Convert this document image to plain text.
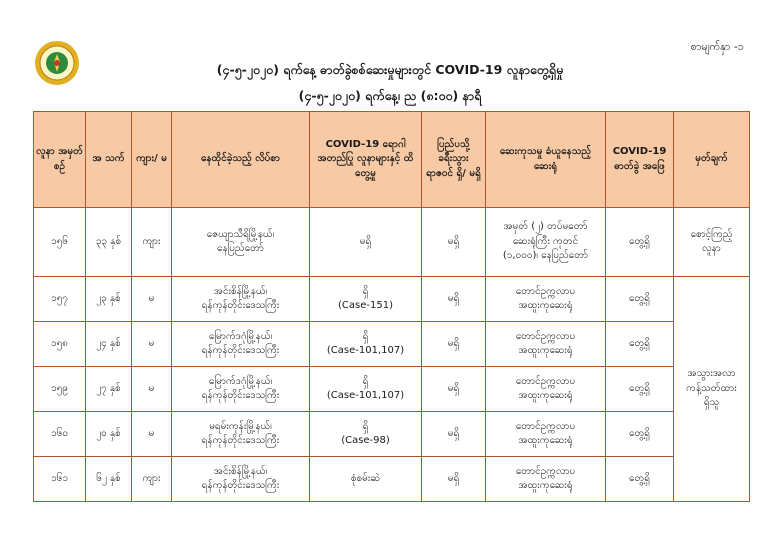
စာမျက်နှာ -၁
(၄-၅-၂၀၂၀) ရက်နေ့ ဓာတ်ခွဲစစ်ဆေးမှုများတွင် COVID-19 လူနာတွေ့ရှိမှု
(၄-၅-၂၀၂၀) ရက်နေ့၊ ည (၈:၀၀) နာရီ
လူနာ အမှတ် စဉ်	အ သက်	ကျား/ မ	နေထိုင်ခဲ့သည့် လိပ်စာ	COVID-19 ရောဂါ အတည်ပြု လူနာများနှင့် ထိတွေ့မှု	ပြည်ပသို့ ခရီးသွား ရာဇဝင် ရှိ/ မရှိ	ဆေးကုသမှု ခံယူနေသည့် ဆေးရုံ	COVID-19 ဓာတ်ခွဲ အဖြေ	မှတ်ချက်
၁၅၆	၃၃ နှစ်	ကျား	ဇေယျာသီရိမြို့နယ်၊
နေပြည်တော်	မရှိ	မရှိ	အမှတ် (၂) တပ်မတော်
ဆေးရုံကြီး ကုတင်
(၁,၀၀၀)၊ နေပြည်တော်	တွေ့ရှိ	စောင့်ကြည့်
လူနာ

၁၅၇	၂၃ နှစ်	မ	အင်းစိန်မြို့နယ်၊
ရန်ကုန်တိုင်းဒေသကြီး	ရှိ
(Case-151)	မရှိ	တောင်ဥက္ကလာပ
အထူးကုဆေးရုံ	တွေ့ရှိ	အသွားအလာ
ကန့်သတ်ထား
ရှိသူ

၁၅၈	၂၄ နှစ်	မ	မြောက်ဒဂုံမြို့နယ်၊
ရန်ကုန်တိုင်းဒေသကြီး	ရှိ
(Case-101,107)	မရှိ	တောင်ဥက္ကလာပ
အထူးကုဆေးရုံ	တွေ့ရှိ	
၁၅၉	၂၇ နှစ်	မ	မြောက်ဒဂုံမြို့နယ်၊
ရန်ကုန်တိုင်းဒေသကြီး	ရှိ
(Case-101,107)	မရှိ	တောင်ဥက္ကလာပ
အထူးကုဆေးရုံ	တွေ့ရှိ	
၁၆၀	၂၀ နှစ်	မ	မရမ်းကုန်းမြို့နယ်၊
ရန်ကုန်တိုင်းဒေသကြီး	ရှိ
(Case-98)	မရှိ	တောင်ဥက္ကလာပ
အထူးကုဆေးရုံ	တွေ့ရှိ	
၁၆၁	၆၂ နှစ်	ကျား	အင်းစိန်မြို့နယ်၊
ရန်ကုန်တိုင်းဒေသကြီး	စုံစမ်းဆဲ	မရှိ	တောင်ဥက္ကလာပ
အထူးကုဆေးရုံ	တွေ့ရှိ	
